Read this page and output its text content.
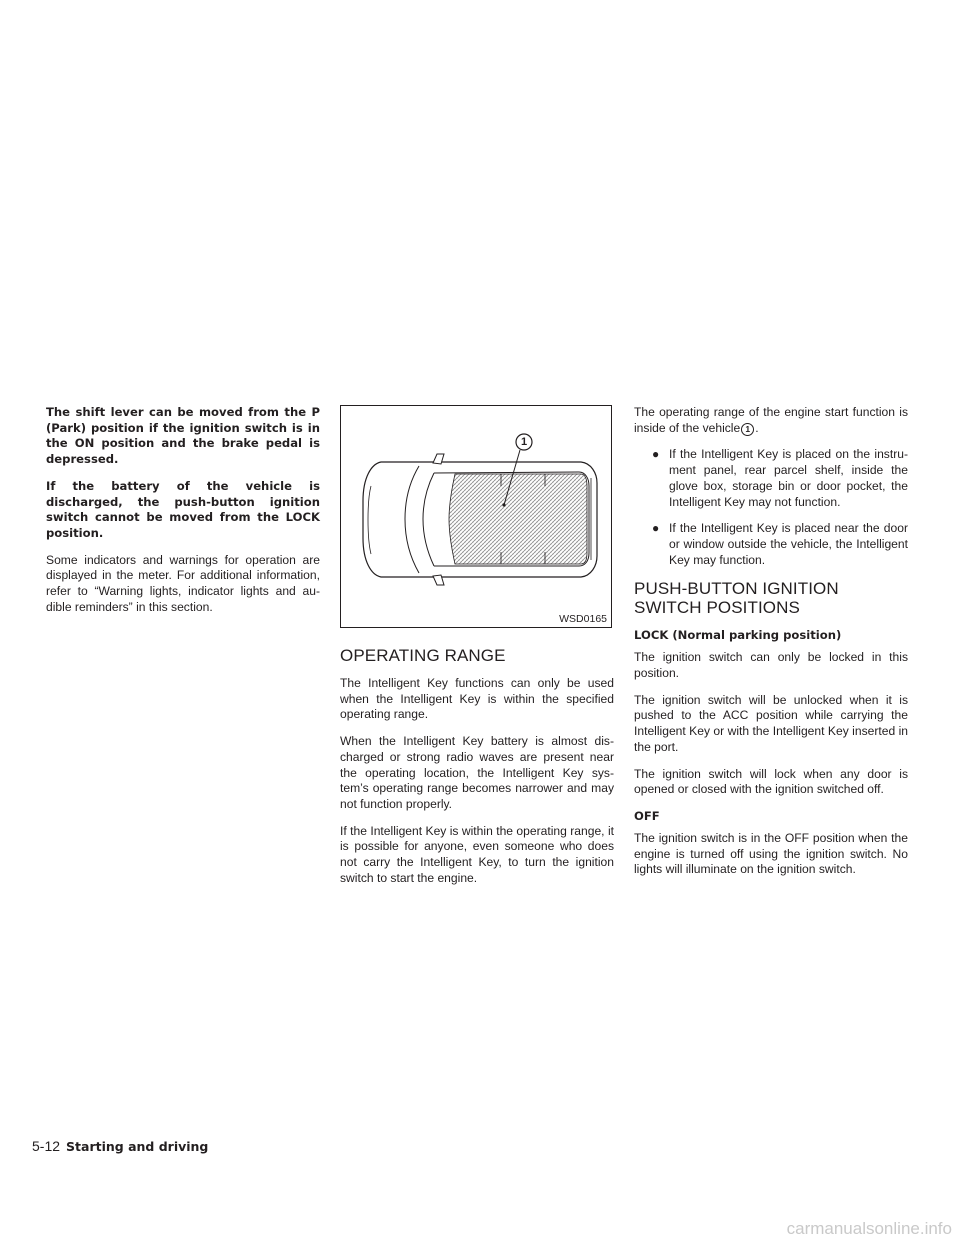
The shift lever can be moved from the P (Park) position if the ignition switch is in the ON position and the brake pedal is depressed.

If the battery of the vehicle is discharged, the push-button ignition switch cannot be moved from the LOCK position.

Some indicators and warnings for operation are displayed in the meter. For additional information, refer to “Warning lights, indicator lights and au- dible reminders” in this section.

1
WSD0165
OPERATING RANGE

The Intelligent Key functions can only be used when the Intelligent Key is within the specified operating range.

When the Intelligent Key battery is almost dis- charged or strong radio waves are present near the operating location, the Intelligent Key sys- tem’s operating range becomes narrower and may not function properly.

If the Intelligent Key is within the operating range, it is possible for anyone, even someone who does not carry the Intelligent Key, to turn the ignition switch to start the engine.

The operating range of the engine start function is inside of the vehicle 1 .

● If the Intelligent Key is placed on the instru- ment panel, rear parcel shelf, inside the glove box, storage bin or door pocket, the Intelligent Key may not function.
● If the Intelligent Key is placed near the door or window outside the vehicle, the Intelligent Key may function.
PUSH-BUTTON IGNITION SWITCH POSITIONS
LOCK (Normal parking position)

The ignition switch can only be locked in this position.

The ignition switch will be unlocked when it is pushed to the ACC position while carrying the Intelligent Key or with the Intelligent Key inserted in the port.

The ignition switch will lock when any door is opened or closed with the ignition switched off.

OFF

The ignition switch is in the OFF position when the engine is turned off using the ignition switch. No lights will illuminate on the ignition switch.

5-12 Starting and driving
carmanualsonline.info
